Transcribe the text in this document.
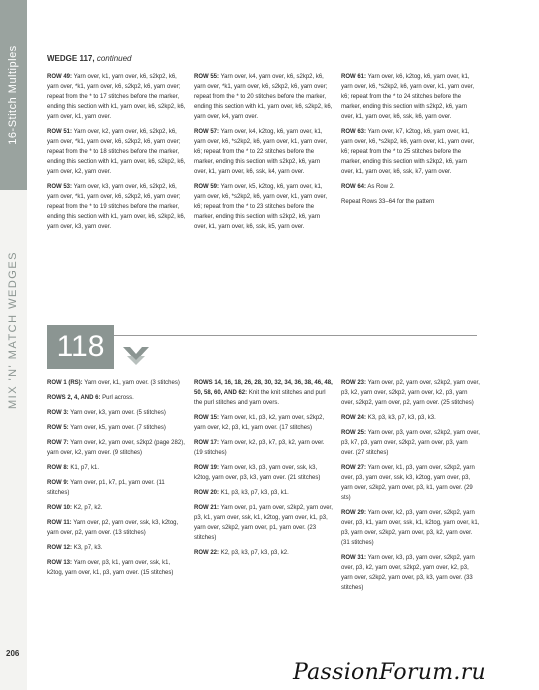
16-Stitch Multiples
MIX 'N' MATCH WEDGES
206
WEDGE 117, continued

ROW 49: Yarn over, k1, yarn over, k6, s2kp2, k6, yarn over, *k1, yarn over, k6, s2kp2, k6, yarn over; repeat from the * to 17 stitches before the marker, ending this section with k1, yarn over, k6, s2kp2, k6, yarn over, k1, yarn over.

ROW 51: Yarn over, k2, yarn over, k6, s2kp2, k6, yarn over, *k1, yarn over, k6, s2kp2, k6, yarn over; repeat from the * to 18 stitches before the marker, ending this section with k1, yarn over, k6, s2kp2, k6, yarn over, k2, yarn over.

ROW 53: Yarn over, k3, yarn over, k6, s2kp2, k6, yarn over, *k1, yarn over, k6, s2kp2, k6, yarn over; repeat from the * to 19 stitches before the marker, ending this section with k1, yarn over, k6, s2kp2, k6, yarn over, k3, yarn over.

ROW 55: Yarn over, k4, yarn over, k6, s2kp2, k6, yarn over, *k1, yarn over, k6, s2kp2, k6, yarn over; repeat from the * to 20 stitches before the marker, ending this section with k1, yarn over, k6, s2kp2, k6, yarn over, k4, yarn over.

ROW 57: Yarn over, k4, k2tog, k6, yarn over, k1, yarn over, k6, *s2kp2, k6, yarn over, k1, yarn over, k6; repeat from the * to 22 stitches before the marker, ending this section with s2kp2, k6, yarn over, k1, yarn over, k6, ssk, k4, yarn over.

ROW 59: Yarn over, k5, k2tog, k6, yarn over, k1, yarn over, k6, *s2kp2, k6, yarn over, k1, yarn over, k6; repeat from the * to 23 stitches before the marker, ending this section with s2kp2, k6, yarn over, k1, yarn over, k6, ssk, k5, yarn over.

ROW 61: Yarn over, k6, k2tog, k6, yarn over, k1, yarn over, k6, *s2kp2, k6, yarn over, k1, yarn over, k6; repeat from the * to 24 stitches before the marker, ending this section with s2kp2, k6, yarn over, k1, yarn over, k6, ssk, k6, yarn over.

ROW 63: Yarn over, k7, k2tog, k6, yarn over, k1, yarn over, k6, *s2kp2, k6, yarn over, k1, yarn over, k6; repeat from the * to 25 stitches before the marker, ending this section with s2kp2, k6, yarn over, k1, yarn over, k6, ssk, k7, yarn over.

ROW 64: As Row 2.

Repeat Rows 33–64 for the pattern

118

ROW 1 (RS): Yarn over, k1, yarn over. (3 stitches)

ROWS 2, 4, AND 6: Purl across.

ROW 3: Yarn over, k3, yarn over. (5 stitches)

ROW 5: Yarn over, k5, yarn over. (7 stitches)

ROW 7: Yarn over, k2, yarn over, s2kp2 (page 282), yarn over, k2, yarn over. (9 stitches)

ROW 8: K1, p7, k1.

ROW 9: Yarn over, p1, k7, p1, yarn over. (11 stitches)

ROW 10: K2, p7, k2.

ROW 11: Yarn over, p2, yarn over, ssk, k3, k2tog, yarn over, p2, yarn over. (13 stitches)

ROW 12: K3, p7, k3.

ROW 13: Yarn over, p3, k1, yarn over, ssk, k1, k2tog, yarn over, k1, p3, yarn over. (15 stitches)

ROWS 14, 16, 18, 26, 28, 30, 32, 34, 36, 38, 46, 48, 50, 58, 60, AND 62: Knit the knit stitches and purl the purl stitches and yarn overs.

ROW 15: Yarn over, k1, p3, k2, yarn over, s2kp2, yarn over, k2, p3, k1, yarn over. (17 stitches)

ROW 17: Yarn over, k2, p3, k7, p3, k2, yarn over. (19 stitches)

ROW 19: Yarn over, k3, p3, yarn over, ssk, k3, k2tog, yarn over, p3, k3, yarn over. (21 stitches)

ROW 20: K1, p3, k3, p7, k3, p3, k1.

ROW 21: Yarn over, p1, yarn over, s2kp2, yarn over, p3, k1, yarn over, ssk, k1, k2tog, yarn over, k1, p3, yarn over, s2kp2, yarn over, p1, yarn over. (23 stitches)

ROW 22: K2, p3, k3, p7, k3, p3, k2.

ROW 23: Yarn over, p2, yarn over, s2kp2, yarn over, p3, k2, yarn over, s2kp2, yarn over, k2, p3, yarn over, s2kp2, yarn over, p2, yarn over. (25 stitches)

ROW 24: K3, p3, k3, p7, k3, p3, k3.

ROW 25: Yarn over, p3, yarn over, s2kp2, yarn over, p3, k7, p3, yarn over, s2kp2, yarn over, p3, yarn over. (27 stitches)

ROW 27: Yarn over, k1, p3, yarn over, s2kp2, yarn over, p3, yarn over, ssk, k3, k2tog, yarn over, p3, yarn over, s2kp2, yarn over, p3, k1, yarn over. (29 sts)

ROW 29: Yarn over, k2, p3, yarn over, s2kp2, yarn over, p3, k1, yarn over, ssk, k1, k2tog, yarn over, k1, p3, yarn over, s2kp2, yarn over, p3, k2, yarn over. (31 stitches)

ROW 31: Yarn over, k3, p3, yarn over, s2kp2, yarn over, p3, k2, yarn over, s2kp2, yarn over, k2, p3, yarn over, s2kp2, yarn over, p3, k3, yarn over. (33 stitches)

PassionForum.ru
